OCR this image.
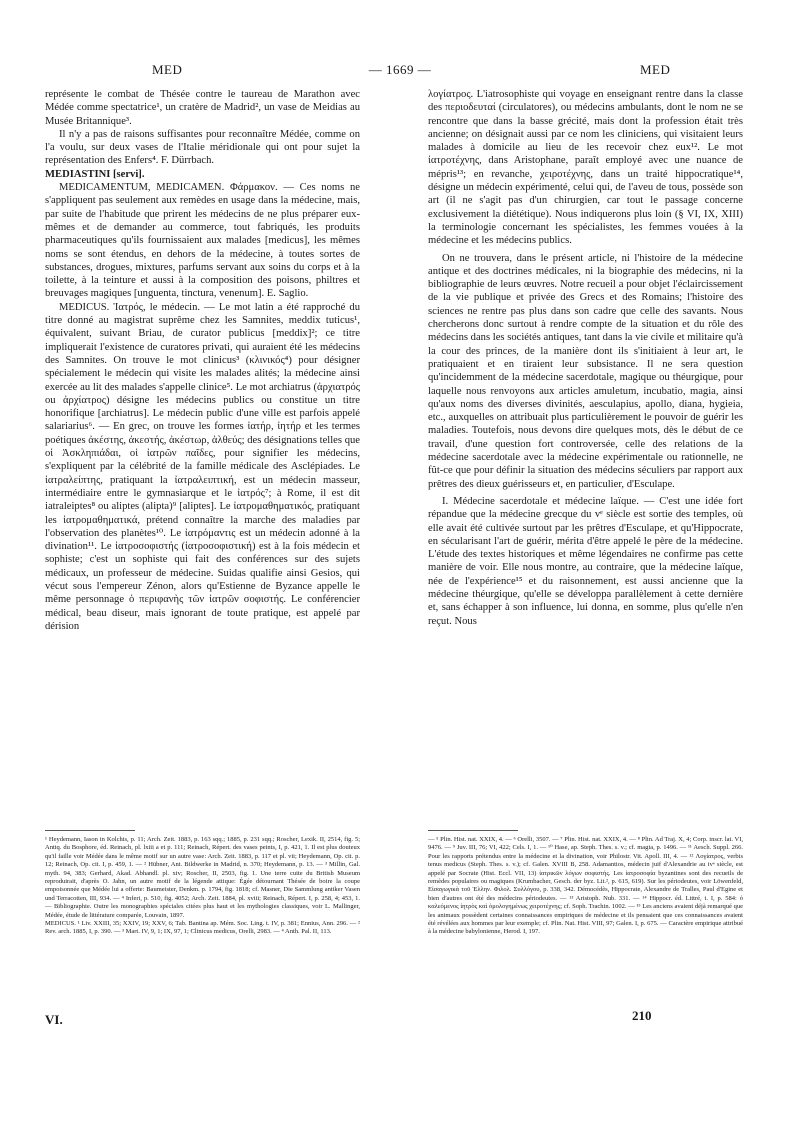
MED	— 1669 —	MED

représente le combat de Thésée contre le taureau de Marathon avec Médée comme spectatrice¹, un cratère de Madrid², un vase de Meidias au Musée Britannique³.

Il n'y a pas de raisons suffisantes pour reconnaître Médée, comme on l'a voulu, sur deux vases de l'Italie méridionale qui ont pour sujet la représentation des Enfers⁴. F. Dürrbach.

MEDIASTINI [servi].

MEDICAMENTUM, MEDICAMEN. Φάρμακον. — Ces noms ne s'appliquent pas seulement aux remèdes en usage dans la médecine, mais, par suite de l'habitude que prirent les médecins de ne plus préparer eux-mêmes et de demander au commerce, tout fabriqués, les produits pharmaceutiques qu'ils fournissaient aux malades [medicus], les mêmes noms se sont étendus, en dehors de la médecine, à toutes sortes de substances, drogues, mixtures, parfums servant aux soins du corps et à la toilette, à la teinture et aussi à la composition des poisons, philtres et breuvages magiques [unguenta, tinctura, venenum]. E. Saglio.

MEDICUS. Ἰατρός, le médecin. — Le mot latin a été rapproché du titre donné au magistrat suprême chez les Samnites, meddix tuticus¹, équivalent, suivant Briau, de curator publicus [meddix]²; ce titre impliquerait l'existence de curatores privati, qui auraient été les médecins des Samnites. On trouve le mot clinicus³ (κλινικός⁴) pour désigner spécialement le médecin qui visite les malades alités; la médecine ainsi exercée au lit des malades s'appelle clinice⁵. Le mot archiatrus (ἀρχιατρός ou ἀρχίατρος) désigne les médecins publics ou constitue un titre honorifique [archiatrus]. Le médecin public d'une ville est parfois appelé salariarius⁶. — En grec, on trouve les formes ἰατήρ, ἰητήρ et les termes poétiques ἀκέστης, ἀκεστής, ἀκέστωρ, ἀλθεύς; des désignations telles que οἱ Ἀσκληπιάδαι, οἱ ἰατρῶν παῖδες, pour signifier les médecins, s'expliquent par la célébrité de la famille médicale des Asclépiades. Le ἰατραλείπτης, pratiquant la ἰατραλειπτική, est un médecin masseur, intermédiaire entre le gymnasiarque et le ἰατρός⁷; à Rome, il est dit iatraleiptes⁸ ou aliptes (alipta)⁹ [aliptes]. Le ἰατρομαθηματικός, pratiquant les ἰατρομαθηματικά, prétend connaître la marche des maladies par l'observation des planètes¹⁰. Le ἰατρόμαντις est un médecin adonné à la divination¹¹. Le ἰατροσοφιστής (ἰατροσοφιστική) est à la fois médecin et sophiste; c'est un sophiste qui fait des conférences sur des sujets médicaux, un professeur de médecine. Suidas qualifie ainsi Gesios, qui vécut sous l'empereur Zénon, alors qu'Estienne de Byzance appelle le même personnage ὁ περιφανὴς τῶν ἰατρῶν σοφιστής. Le conférencier médical, beau diseur, mais ignorant de toute pratique, est appelé par dérision

λογίατρος. L'iatrosophiste qui voyage en enseignant rentre dans la classe des περιοδευταί (circulatores), ou médecins ambulants, dont le nom ne se rencontre que dans la basse grécité, mais dont la profession était très ancienne; on désignait aussi par ce nom les cliniciens, qui visitaient leurs malades à domicile au lieu de les recevoir chez eux¹². Le mot ἰατροτέχνης, dans Aristophane, paraît employé avec une nuance de mépris¹³; en revanche, χειροτέχνης, dans un traité hippocratique¹⁴, désigne un médecin expérimenté, celui qui, de l'aveu de tous, possède son art (il ne s'agit pas d'un chirurgien, car tout le passage concerne exclusivement la diététique). Nous indiquerons plus loin (§ VI, IX, XIII) la terminologie concernant les spécialistes, les femmes vouées à la médecine et les médecins publics.

On ne trouvera, dans le présent article, ni l'histoire de la médecine antique et des doctrines médicales, ni la biographie des médecins, ni la bibliographie de leurs œuvres. Notre recueil a pour objet l'éclaircissement de la vie publique et privée des Grecs et des Romains; l'histoire des sciences ne rentre pas plus dans son cadre que celle des savants. Nous chercherons donc surtout à rendre compte de la situation et du rôle des médecins dans les sociétés antiques, tant dans la vie civile et militaire qu'à la cour des princes, de la manière dont ils s'initiaient à leur art, le pratiquaient et en tiraient leur subsistance. Il ne sera question qu'incidemment de la médecine sacerdotale, magique ou théurgique, pour laquelle nous renvoyons aux articles amuletum, incubatio, magia, ainsi qu'aux noms des diverses divinités, aesculapius, apollo, diana, hygieia, etc., auxquelles on attribuait plus particulièrement le pouvoir de guérir les maladies. Toutefois, nous devons dire quelques mots, dès le début de ce travail, d'une question fort controversée, celle des relations de la médecine sacerdotale avec la médecine expérimentale ou rationnelle, ne fût-ce que pour définir la situation des médecins séculiers par rapport aux prêtres des dieux guérisseurs et, en particulier, d'Esculape.

I. Médecine sacerdotale et médecine laïque. — C'est une idée fort répandue que la médecine grecque du vᵉ siècle est sortie des temples, où elle avait été cultivée surtout par les prêtres d'Esculape, et qu'Hippocrate, en sécularisant l'art de guérir, mérita d'être appelé le père de la médecine. L'étude des textes historiques et même légendaires ne confirme pas cette manière de voir. Elle nous montre, au contraire, que la médecine laïque, née de l'expérience¹⁵ et du raisonnement, est aussi ancienne que la médecine théurgique, qu'elle se développa parallèlement à cette dernière et, sans échapper à son influence, lui donna, en somme, plus qu'elle n'en reçut. Nous

¹ Heydemann, Iason in Kolchis, p. 11; Arch. Zeit. 1883, p. 163 sqq.; 1885, p. 231 sqq.; Roscher, Lexik. II, 2514, fig. 5; Antiq. du Bosphore, éd. Reinach, pl. lxiii a et p. 111; Reinach, Répert. des vases peints, I, p. 421, 1. Il est plus douteux qu'il faille voir Médée dans le même motif sur un autre vase: Arch. Zeit. 1883, p. 117 et pl. vii; Heydemann, Op. cit. p. 12; Reinach, Op. cit. I, p. 459, 1. — ² Hübner, Ant. Bildwerke in Madrid, n. 370; Heydemann, p. 13. — ³ Millin, Gal. myth. 94, 383; Gerhard, Akad. Abhandl. pl. xiv; Roscher, II, 2503, fig. 1. Une terre cuite du British Museum reproduirait, d'après O. Jahn, un autre motif de la légende attique: Égée détournant Thésée de boire la coupe empoisonnée que Médée lui a offerte: Baumeister, Denkm. p. 1794, fig. 1818; cf. Masner, Die Sammlung antiker Vasen und Terracotten, III, 934. — ⁴ Inferi, p. 510, fig. 4052; Arch. Zeit. 1884, pl. xviii; Reinach, Répert. I, p. 258, 4; 453, 1. — Bibliographie. Outre les monographies spéciales citées plus haut et les mythologies classiques, voir L. Mallinger, Médée, étude de littérature comparée, Louvain, 1897.
MEDICUS. ¹ Liv. XXIII, 35; XXIV, 19; XXV, 6; Tab. Bantina ap. Mém. Soc. Ling. t. IV, p. 381; Ennius, Ann. 296. — ² Rev. arch. 1885, I, p. 390. — ³ Mart. IV, 9, 1; IX, 97, 1; Clinicus medicus, Orelli, 2983. — ⁴ Anth. Pal. II, 113.
— ⁵ Plin. Hist. nat. XXIX, 4. — ⁶ Orelli, 3507. — ⁷ Plin. Hist. nat. XXIX, 4. — ⁸ Plin. Ad Traj. X, 4; Corp. inscr. lat. VI, 9476. — ⁹ Juv. III, 76; VI, 422; Cels. I, 1. — ¹⁰ Hase, ap. Steph. Thes. s. v.; cf. magia, p. 1496. — ¹¹ Aesch. Suppl. 266. Pour les rapports prétendus entre la médecine et la divination, voir Philostr. Vit. Apoll. III, 4. — ¹² Λογίατρος, verbis tenus medicus (Steph. Thes. s. v.); cf. Galen. XVIII B, 258. Adamantios, médecin juif d'Alexandrie au ivᵉ siècle, est appelé par Socrate (Hist. Eccl. VII, 13) ἰατρικῶν λόγων σοφιστής. Les ἰατροσοφία byzantines sont des recueils de remèdes populaires ou magiques (Krumbacher, Gesch. der byz. Lit.², p. 615, 619). Sur les périodeutes, voir Löwenfeld, Εἰσαγωγικὰ τοῦ Ἑλλην. Φιλολ. Συλλόγου, p. 338, 342. Démocédès, Hippocrate, Alexandre de Tralles, Paul d'Egine et bien d'autres ont été des médecins périodeutes. — ¹³ Aristoph. Nub. 331. — ¹⁴ Hippocr. éd. Littré, t. I, p. 584: ὁ καλεόμενος ἰητρὸς καὶ ὁμολογημένως χειροτέχνης; cf. Soph. Trachin. 1002. — ¹⁵ Les anciens avaient déjà remarqué que les animaux possèdent certaines connaissances empiriques de médecine et ils pensaient que ces connaissances avaient été révélées aux hommes par leur exemple; cf. Plin. Nat. Hist. VIII, 97; Galen. I, p. 675. — Caractère empirique attribué à la médecine babylonienne, Herod. I, 197.
VI.	210
